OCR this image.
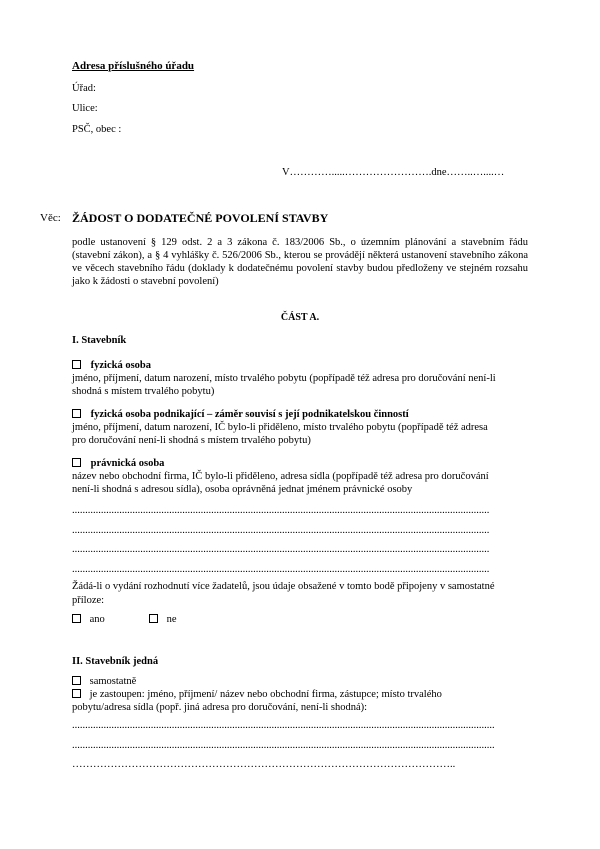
Adresa příslušného úřadu
Úřad:
Ulice:
PSČ, obec :
V………….....…………………….dne……..…....…
Věc: ŽÁDOST O DODATEČNÉ POVOLENÍ STAVBY
podle ustanovení § 129 odst. 2 a 3 zákona č. 183/2006 Sb., o územním plánování a stavebním řádu (stavební zákon), a § 4 vyhlášky č. 526/2006 Sb., kterou se provádějí některá ustanovení stavebního zákona ve věcech stavebního řádu (doklady k dodatečnému povolení stavby budou předloženy ve stejném rozsahu jako k žádosti o stavební povolení)
ČÁST A.
I. Stavebník
fyzická osoba
jméno, příjmení, datum narození, místo trvalého pobytu (popřípadě též adresa pro doručování není-li
shodná s místem trvalého pobytu)
fyzická osoba podnikající – záměr souvisí s její podnikatelskou činností
jméno, příjmení, datum narození, IČ bylo-li přiděleno, místo trvalého pobytu (popřípadě též adresa
pro doručování není-li shodná s místem trvalého pobytu)
právnická osoba
název nebo obchodní firma, IČ bylo-li přiděleno, adresa sídla (popřípadě též adresa pro doručování
není-li shodná s adresou sídla), osoba oprávněná jednat jménem právnické osoby
...............................................................................................................................................................
...............................................................................................................................................................
...............................................................................................................................................................
...............................................................................................................................................................
Žádá-li o vydání rozhodnutí více žadatelů, jsou údaje obsažené v tomto bodě připojeny v samostatné
příloze:
ano	ne
II. Stavebník jedná
samostatně
je zastoupen: jméno, příjmení/ název nebo obchodní firma, zástupce; místo trvalého
pobytu/adresa sídla (popř. jiná adresa pro doručování, není-li shodná):
.................................................................................................................................................................
.................................................................................................................................................................
………………………………………………………………………………………………..
